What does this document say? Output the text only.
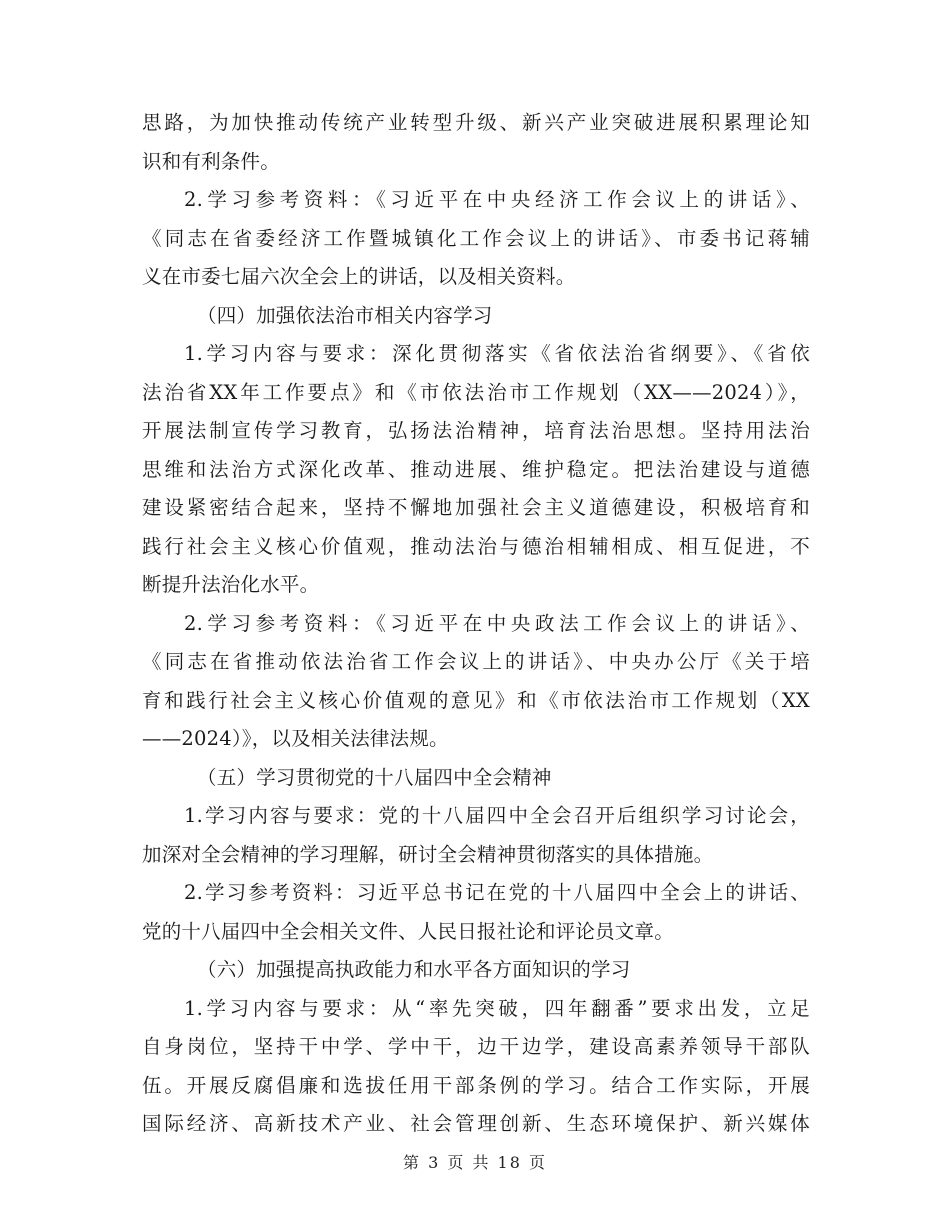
思路，为加快推动传统产业转型升级、新兴产业突破进展积累理论知
识和有利条件。
2.学习参考资料：《习近平在中央经济工作会议上的讲话》、
《同志在省委经济工作暨城镇化工作会议上的讲话》、市委书记蒋辅
义在市委七届六次全会上的讲话，以及相关资料。
（四）加强依法治市相关内容学习
1.学习内容与要求：深化贯彻落实《省依法治省纲要》、《省依
法治省XX年工作要点》和《市依法治市工作规划（XX——2024）》，
开展法制宣传学习教育，弘扬法治精神，培育法治思想。坚持用法治
思维和法治方式深化改革、推动进展、维护稳定。把法治建设与道德
建设紧密结合起来，坚持不懈地加强社会主义道德建设，积极培育和
践行社会主义核心价值观，推动法治与德治相辅相成、相互促进，不
断提升法治化水平。
2.学习参考资料：《习近平在中央政法工作会议上的讲话》、
《同志在省推动依法治省工作会议上的讲话》、中央办公厅《关于培
育和践行社会主义核心价值观的意见》和《市依法治市工作规划（XX
——2024）》，以及相关法律法规。
（五）学习贯彻党的十八届四中全会精神
1.学习内容与要求：党的十八届四中全会召开后组织学习讨论会，
加深对全会精神的学习理解，研讨全会精神贯彻落实的具体措施。
2.学习参考资料：习近平总书记在党的十八届四中全会上的讲话、
党的十八届四中全会相关文件、人民日报社论和评论员文章。
（六）加强提高执政能力和水平各方面知识的学习
1.学习内容与要求：从“率先突破，四年翻番”要求出发，立足
自身岗位，坚持干中学、学中干，边干边学，建设高素养领导干部队
伍。开展反腐倡廉和选拔任用干部条例的学习。结合工作实际，开展
国际经济、高新技术产业、社会管理创新、生态环境保护、新兴媒体
第 3 页 共 18 页
